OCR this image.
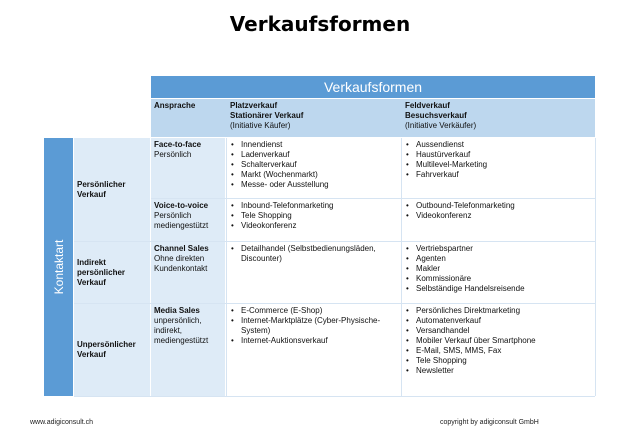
Verkaufsformen
Verkaufsformen
Ansprache	Platzverkauf
Stationärer Verkauf
(Initiative Käufer)
Feldverkauf
Besuchsverkauf
(Initiative Verkäufer)
Kontaktart
Persönlicher Verkauf
Indirekt persönlicher Verkauf
Unpersönlicher Verkauf
Face-to-face
Persönlich
• Innendienst
• Ladenverkauf
• Schalterverkauf
• Markt (Wochenmarkt)
• Messe- oder Ausstellung
• Aussendienst
• Haustürverkauf
• Multilevel-Marketing
• Fahrverkauf
Voice-to-voice
Persönlich mediengestützt
• Inbound-Telefonmarketing
• Tele Shopping
• Videokonferenz
• Outbound-Telefonmarketing
• Videokonferenz
Channel Sales
Ohne direkten Kundenkontakt
• Detailhandel (Selbstbedienungsläden, Discounter)
• Vertriebspartner
• Agenten
• Makler
• Kommissionäre
• Selbständige Handelsreisende
Media Sales
unpersönlich, indirekt, mediengestützt
• E-Commerce (E-Shop)
• Internet-Marktplätze (Cyber-Physische-System)
• Internet-Auktionsverkauf
• Persönliches Direktmarketing
• Automatenverkauf
• Versandhandel
• Mobiler Verkauf über Smartphone
• E-Mail, SMS, MMS, Fax
• Tele Shopping
• Newsletter
www.adigiconsult.ch	copyright by adigiconsult GmbH
